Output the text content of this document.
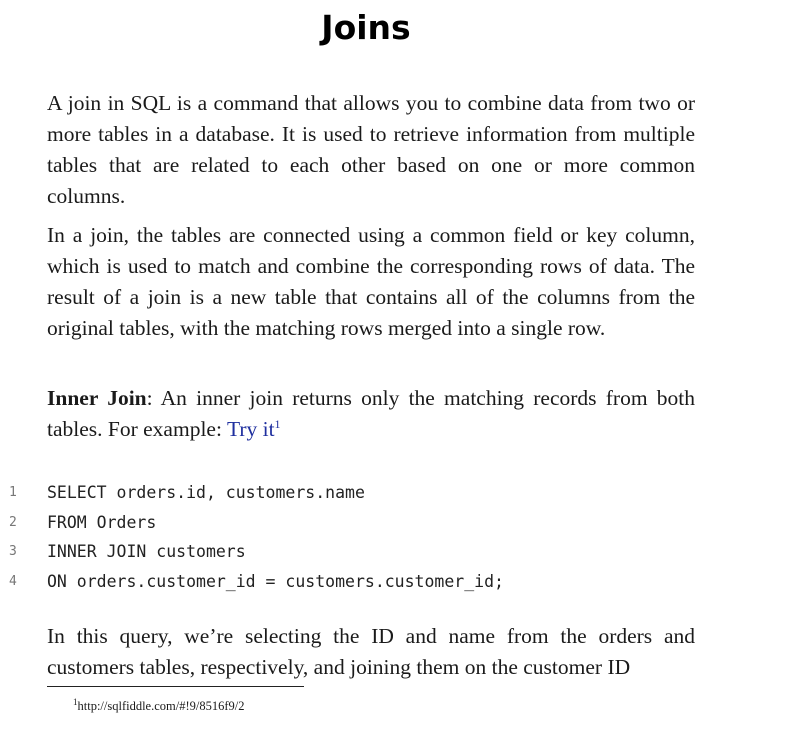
Joins

A join in SQL is a command that allows you to combine data from two or more tables in a database. It is used to retrieve information from multiple tables that are related to each other based on one or more common columns.

In a join, the tables are connected using a common field or key column, which is used to match and combine the corresponding rows of data. The result of a join is a new table that contains all of the columns from the original tables, with the matching rows merged into a single row.

Inner Join: An inner join returns only the matching records from both tables. For example: Try $it^1$

1	SELECT orders.id, customers.name
2	FROM Orders
3	INNER JOIN customers
4	ON orders.customer_id = customers.customer_id;

In this query, we’re selecting the ID and name from the orders and customers tables, respectively, and joining them on the customer ID

$^1$http://sqlfiddle.com/#!9/8516f9/2
